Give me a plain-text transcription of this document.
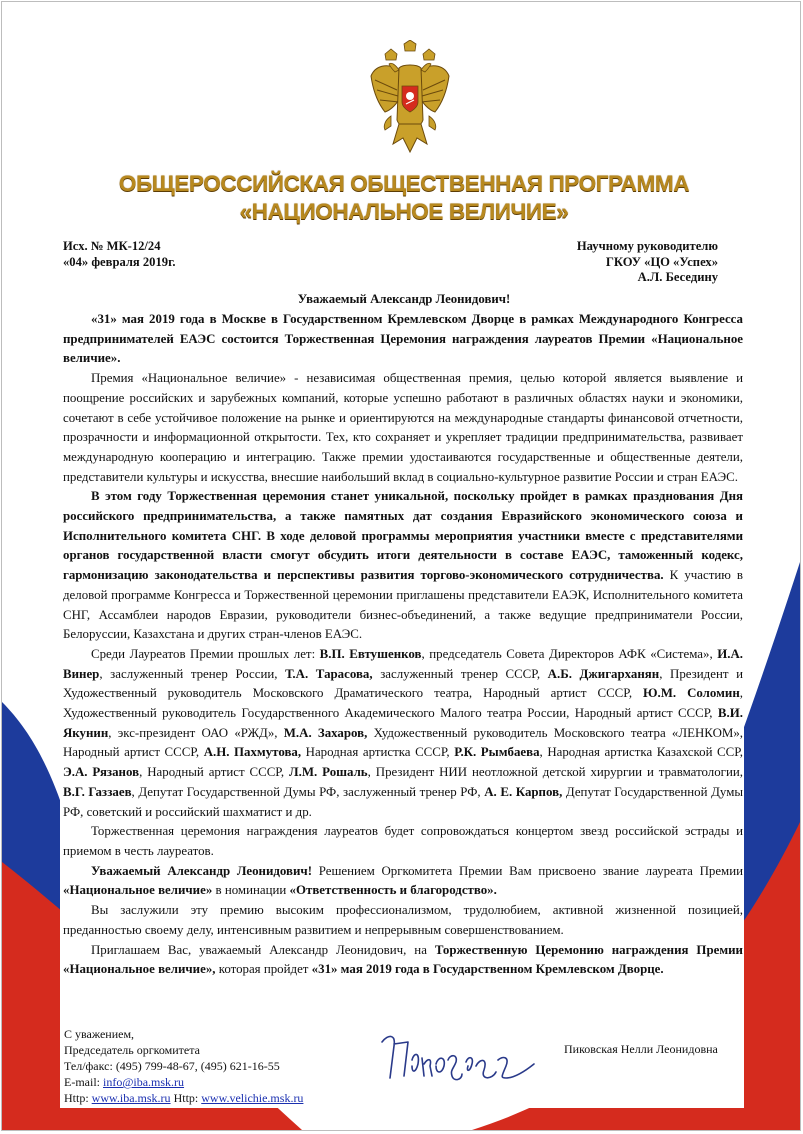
ОБЩЕРОССИЙСКАЯ ОБЩЕСТВЕННАЯ ПРОГРАММА
«НАЦИОНАЛЬНОЕ ВЕЛИЧИЕ»
Исх. № МК-12/24
«04» февраля 2019г.
Научному руководителю
ГКОУ «ЦО «Успех»
А.Л. Беседину
Уважаемый Александр Леонидович!

«31» мая 2019 года в Москве в Государственном Кремлевском Дворце в рамках Международного Конгресса предпринимателей ЕАЭС состоится Торжественная Церемония награждения лауреатов Премии «Национальное величие».

Премия «Национальное величие» - независимая общественная премия, целью которой является выявление и поощрение российских и зарубежных компаний, которые успешно работают в различных областях науки и экономики, сочетают в себе устойчивое положение на рынке и ориентируются на международные стандарты финансовой отчетности, прозрачности и информационной открытости. Тех, кто сохраняет и укрепляет традиции предпринимательства, развивает международную кооперацию и интеграцию. Также премии удостаиваются государственные и общественные деятели, представители культуры и искусства, внесшие наибольший вклад в социально-культурное развитие России и стран ЕАЭС.

В этом году Торжественная церемония станет уникальной, поскольку пройдет в рамках празднования Дня российского предпринимательства, а также памятных дат создания Евразийского экономического союза и Исполнительного комитета СНГ. В ходе деловой программы мероприятия участники вместе с представителями органов государственной власти смогут обсудить итоги деятельности в составе ЕАЭС, таможенный кодекс, гармонизацию законодательства и перспективы развития торгово-экономического сотрудничества. К участию в деловой программе Конгресса и Торжественной церемонии приглашены представители ЕАЭК, Исполнительного комитета СНГ, Ассамблеи народов Евразии, руководители бизнес-объединений, а также ведущие предприниматели России, Белоруссии, Казахстана и других стран-членов ЕАЭС.

Среди Лауреатов Премии прошлых лет: В.П. Евтушенков, председатель Совета Директоров АФК «Система», И.А. Винер, заслуженный тренер России, Т.А. Тарасова, заслуженный тренер СССР, А.Б. Джигарханян, Президент и Художественный руководитель Московского Драматического театра, Народный артист СССР, Ю.М. Соломин, Художественный руководитель Государственного Академического Малого театра России, Народный артист СССР, В.И. Якунин, экс-президент ОАО «РЖД», М.А. Захаров, Художественный руководитель Московского театра «ЛЕНКОМ», Народный артист СССР, А.Н. Пахмутова, Народная артистка СССР, Р.К. Рымбаева, Народная артистка Казахской ССР, Э.А. Рязанов, Народный артист СССР, Л.М. Рошаль, Президент НИИ неотложной детской хирургии и травматологии, В.Г. Газзаев, Депутат Государственной Думы РФ, заслуженный тренер РФ, А. Е. Карпов, Депутат Государственной Думы РФ, советский и российский шахматист и др.

Торжественная церемония награждения лауреатов будет сопровождаться концертом звезд российской эстрады и приемом в честь лауреатов.

Уважаемый Александр Леонидович! Решением Оргкомитета Премии Вам присвоено звание лауреата Премии «Национальное величие» в номинации «Ответственность и благородство».

Вы заслужили эту премию высоким профессионализмом, трудолюбием, активной жизненной позицией, преданностью своему делу, интенсивным развитием и непрерывным совершенствованием.

Приглашаем Вас, уважаемый Александр Леонидович, на Торжественную Церемонию награждения Премии «Национальное величие», которая пройдет «31» мая 2019 года в Государственном Кремлевском Дворце.

С уважением,
Председатель оргкомитета
Тел/факс: (495) 799-48-67, (495) 621-16-55
E-mail: info@iba.msk.ru
Http: www.iba.msk.ru Http: www.velichie.msk.ru
Пиковская Нелли Леонидовна
